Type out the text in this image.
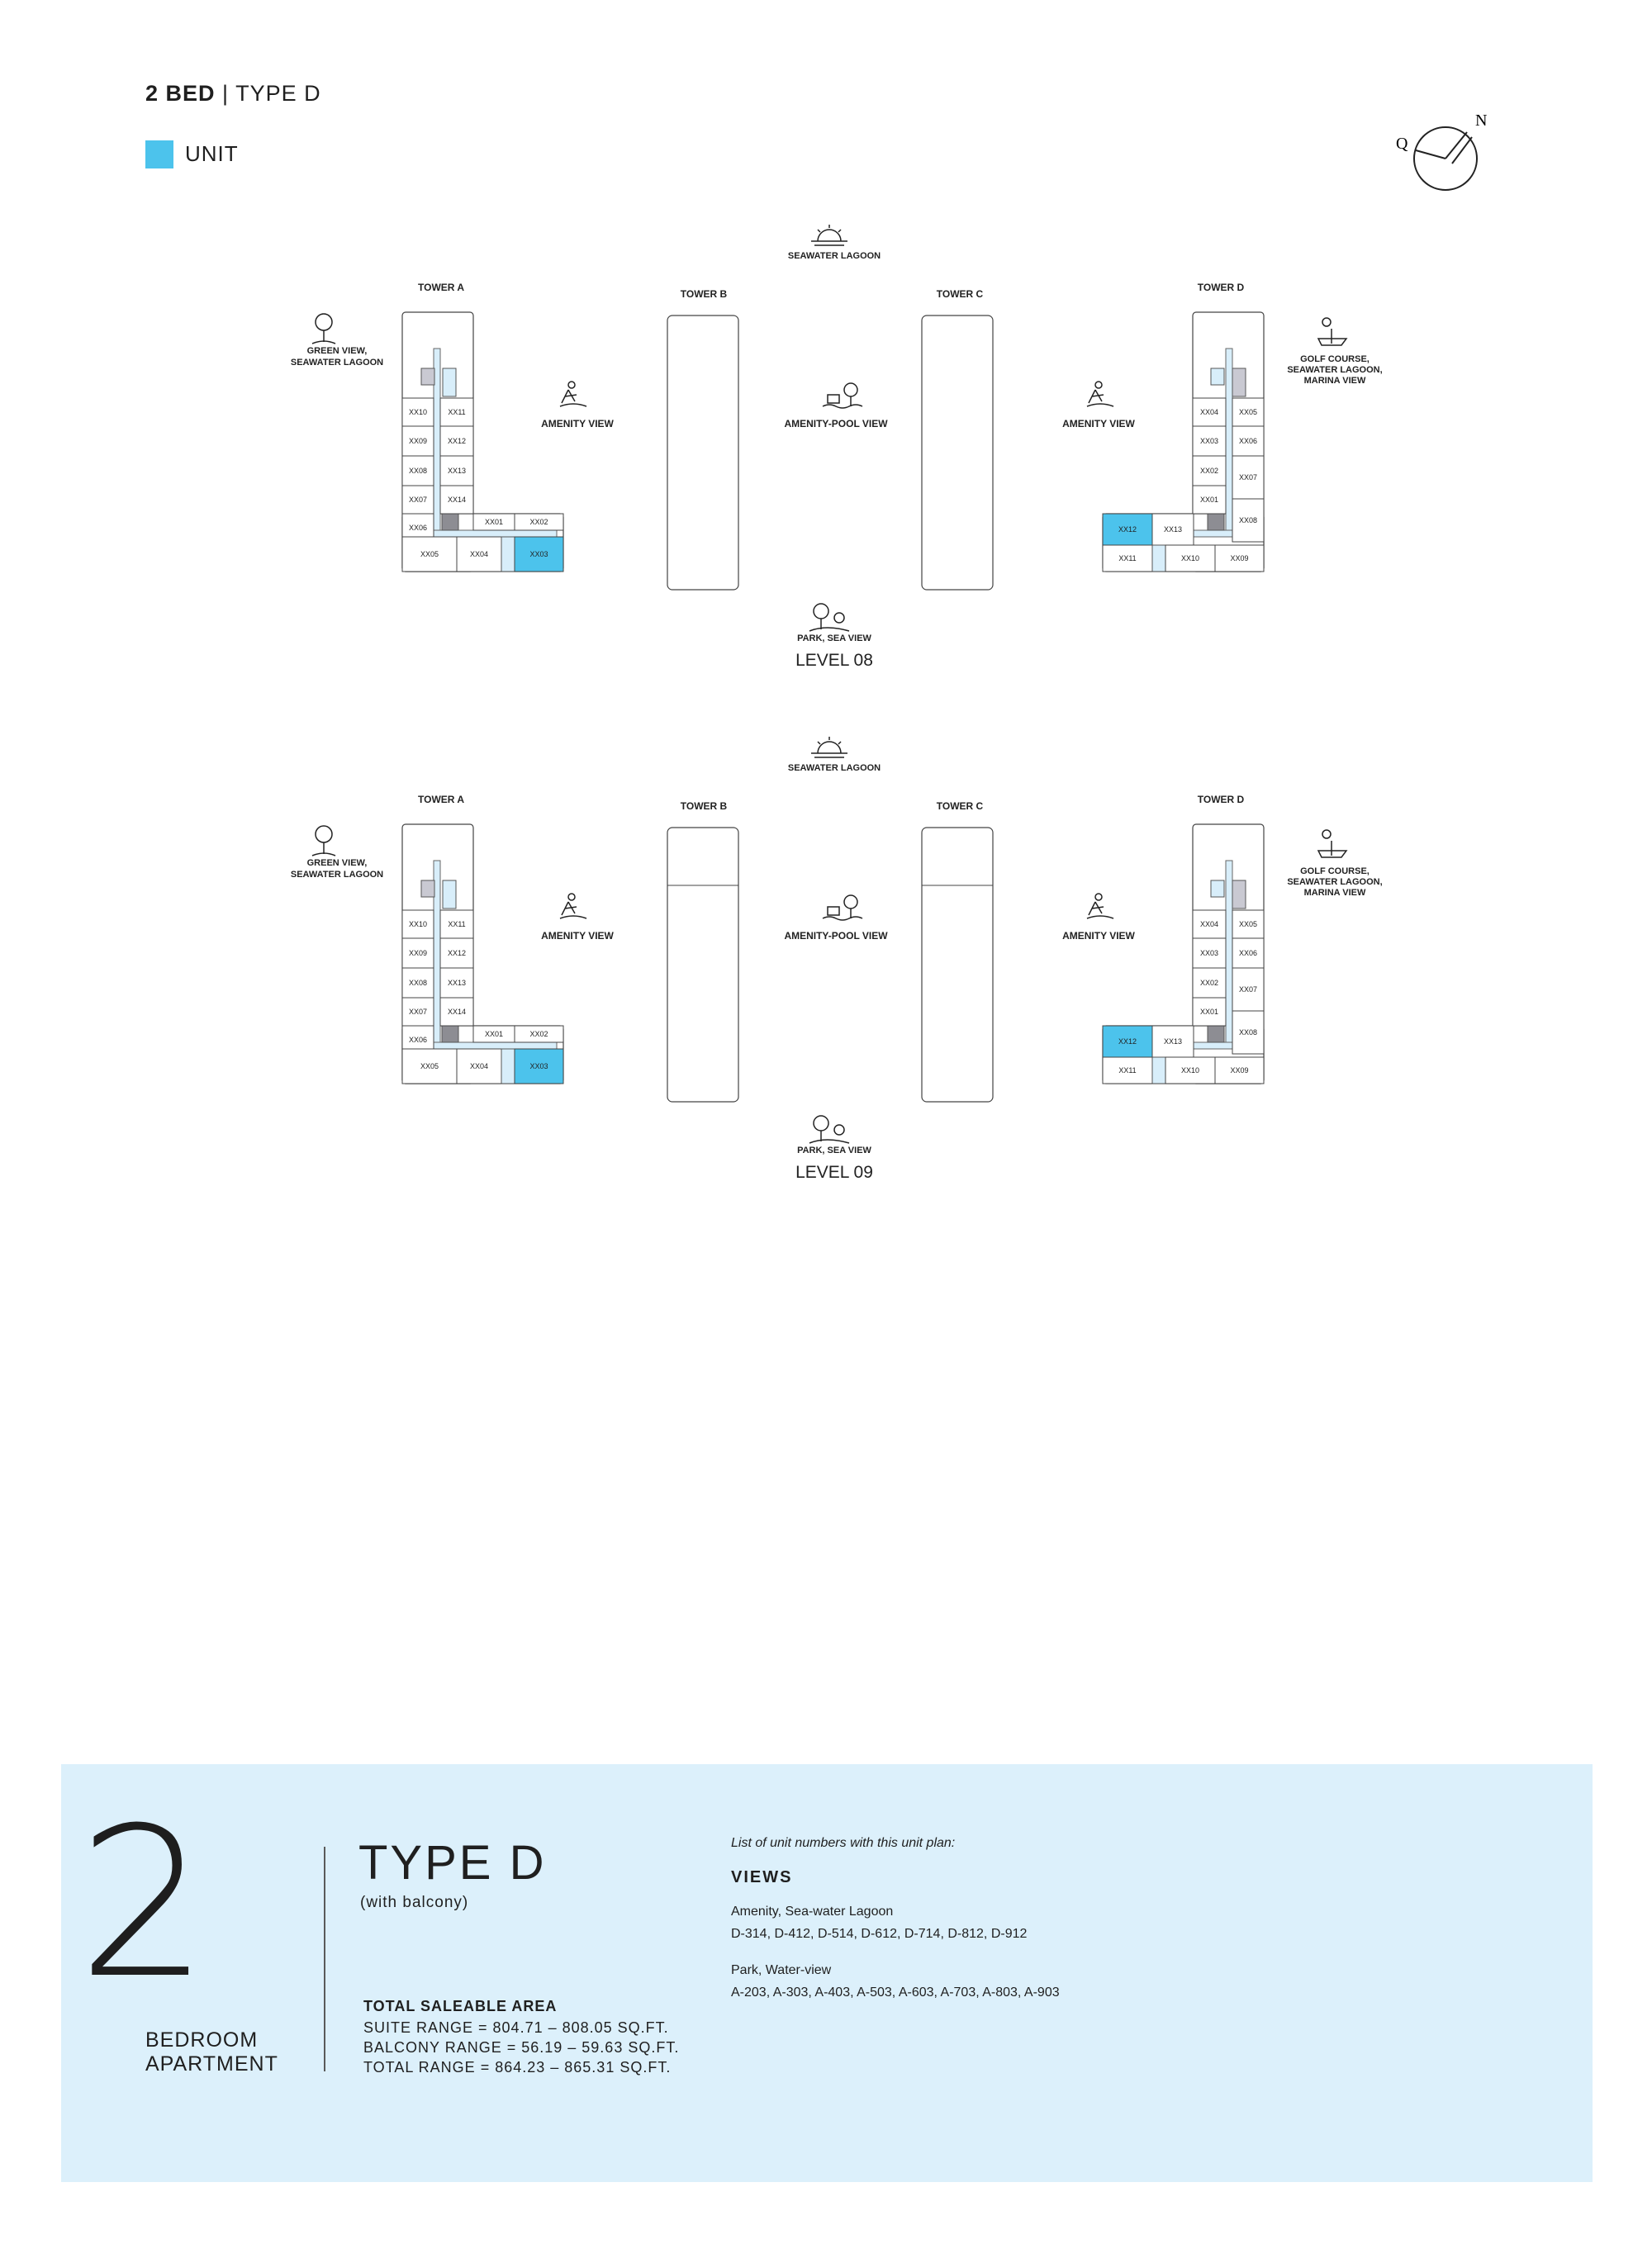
2 BED | TYPE D
UNIT	Q
N
SEAWATER LAGOON
TOWER A
TOWER B	TOWER C
TOWER D
XX10	XX11
XX09	XX12
XX08	XX13
XX07	XX14
XX06
XX01	XX02
XX05	XX04	XX03
XX04	XX05
XX03	XX06
XX02
XX07
XX01
XX08
XX12	XX13
XX11	XX10	XX09
GREEN VIEW,
SEAWATER LAGOON
AMENITY VIEW	AMENITY-POOL VIEW	AMENITY VIEW
GOLF COURSE,
SEAWATER LAGOON,
MARINA VIEW
PARK, SEA VIEW
LEVEL 08
SEAWATER LAGOON
TOWER A
TOWER B	TOWER C
TOWER D
XX10	XX11
XX09	XX12
XX08	XX13
XX07	XX14
XX06
XX01	XX02
XX05	XX04	XX03
XX04	XX05
XX03	XX06
XX02
XX07
XX01
XX08
XX12	XX13
XX11	XX10	XX09
GREEN VIEW,
SEAWATER LAGOON
AMENITY VIEW	AMENITY-POOL VIEW	AMENITY VIEW
GOLF COURSE,
SEAWATER LAGOON,
MARINA VIEW
PARK, SEA VIEW
LEVEL 09
2
BEDROOM
APARTMENT
TYPE D
(with balcony)
TOTAL SALEABLE AREA
SUITE RANGE = 804.71 – 808.05 SQ.FT.
BALCONY RANGE = 56.19 – 59.63 SQ.FT.
TOTAL RANGE = 864.23 – 865.31 SQ.FT.
List of unit numbers with this unit plan:
VIEWS
Amenity, Sea-water Lagoon
D-314, D-412, D-514, D-612, D-714, D-812, D-912
Park, Water-view
A-203, A-303, A-403, A-503, A-603, A-703, A-803, A-903
